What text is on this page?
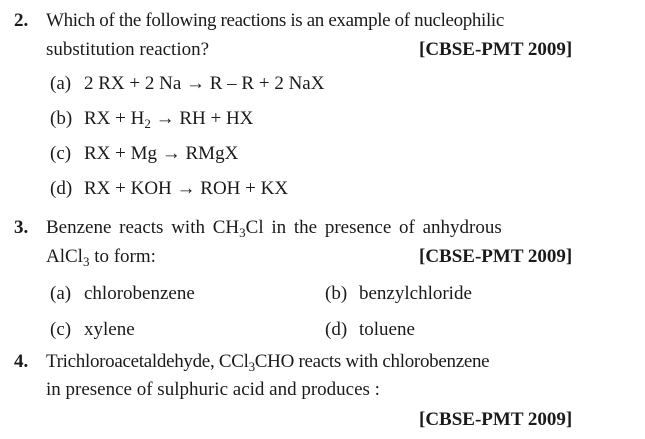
2. Which of the following reactions is an example of nucleophilic
substitution reaction?	[CBSE-PMT 2009]
(a) 2 RX + 2 Na → R – R + 2 NaX
(b) RX + $H_2$ → RH + HX
(c) RX + Mg → RMgX
(d) RX + KOH → ROH + KX
3. Benzene reacts with $CH_3Cl$ in the presence of anhydrous
AlCl$_3$ to form:	[CBSE-PMT 2009]
(a) chlorobenzene	(b) benzylchloride
(c) xylene	(d) toluene
4. Trichloroacetaldehyde, CCl$_3$CHO reacts with chlorobenzene
in presence of sulphuric acid and produces :
[CBSE-PMT 2009]
